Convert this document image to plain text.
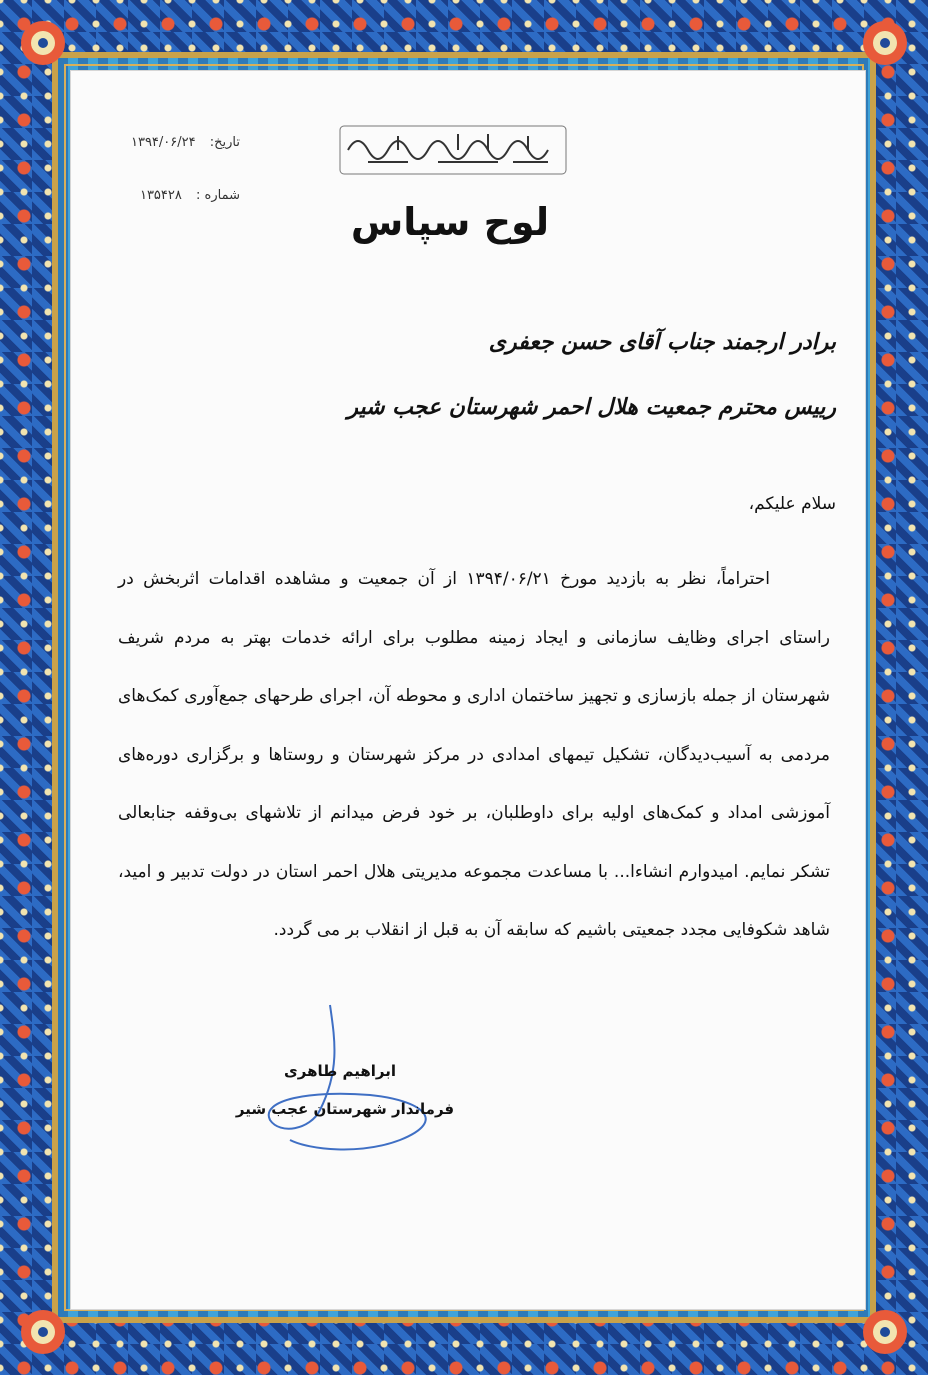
تاریخ: ۱۳۹۴/۰۶/۲۴
شماره : ۱۳۵۴۲۸
لوح سپاس
برادر ارجمند جناب آقای حسن جعفری
رییس محترم جمعیت هلال احمر شهرستان عجب شیر
سلام علیکم،

احتراماً، نظر به بازدید مورخ ۱۳۹۴/۰۶/۲۱ از آن جمعیت و مشاهده اقدامات اثربخش در راستای اجرای وظایف سازمانی و ایجاد زمینه مطلوب برای ارائه خدمات بهتر به مردم شریف شهرستان از جمله بازسازی و تجهیز ساختمان اداری و محوطه آن، اجرای طرحهای جمع‌آوری کمک‌های مردمی به آسیب‌دیدگان، تشکیل تیمهای امدادی در مرکز شهرستان و روستاها و برگزاری دوره‌های آموزشی امداد و کمک‌های اولیه برای داوطلبان، بر خود فرض میدانم از تلاشهای بی‌وقفه جنابعالی تشکر نمایم. امیدوارم انشاءا... با مساعدت مجموعه مدیریتی هلال احمر استان در دولت تدبیر و امید، شاهد شکوفایی مجدد جمعیتی باشیم که سابقه آن به قبل از انقلاب بر می گردد.

ابراهیم طاهری
فرماندار شهرستان عجب شیر
